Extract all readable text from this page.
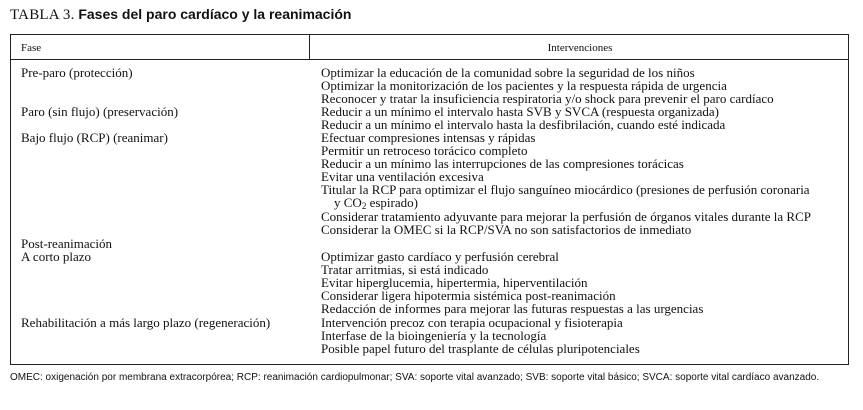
TABLA 3. Fases del paro cardíaco y la reanimación
Fase	Intervenciones
Pre-paro (protección)
Paro (sin flujo) (preservación)
Bajo flujo (RCP) (reanimar)
Post-reanimación
A corto plazo
Rehabilitación a más largo plazo (regeneración)
Optimizar la educación de la comunidad sobre la seguridad de los niños
Optimizar la monitorización de los pacientes y la respuesta rápida de urgencia
Reconocer y tratar la insuficiencia respiratoria y/o shock para prevenir el paro cardíaco
Reducir a un mínimo el intervalo hasta SVB y SVCA (respuesta organizada)
Reducir a un mínimo el intervalo hasta la desfibrilación, cuando esté indicada
Efectuar compresiones intensas y rápidas
Permitir un retroceso torácico completo
Reducir a un mínimo las interrupciones de las compresiones torácicas
Evitar una ventilación excesiva
Titular la RCP para optimizar el flujo sanguíneo miocárdico (presiones de perfusión coronaria
y $CO_2$ espirado)
Considerar tratamiento adyuvante para mejorar la perfusión de órganos vitales durante la RCP
Considerar la OMEC si la RCP/SVA no son satisfactorios de inmediato
Optimizar gasto cardíaco y perfusión cerebral
Tratar arritmias, si está indicado
Evitar hiperglucemia, hipertermia, hiperventilación
Considerar ligera hipotermia sistémica post-reanimación
Redacción de informes para mejorar las futuras respuestas a las urgencias
Intervención precoz con terapia ocupacional y fisioterapia
Interfase de la bioingeniería y la tecnología
Posible papel futuro del trasplante de células pluripotenciales
OMEC: oxigenación por membrana extracorpórea; RCP: reanimación cardiopulmonar; SVA: soporte vital avanzado; SVB: soporte vital básico; SVCA: soporte vital cardíaco avanzado.
